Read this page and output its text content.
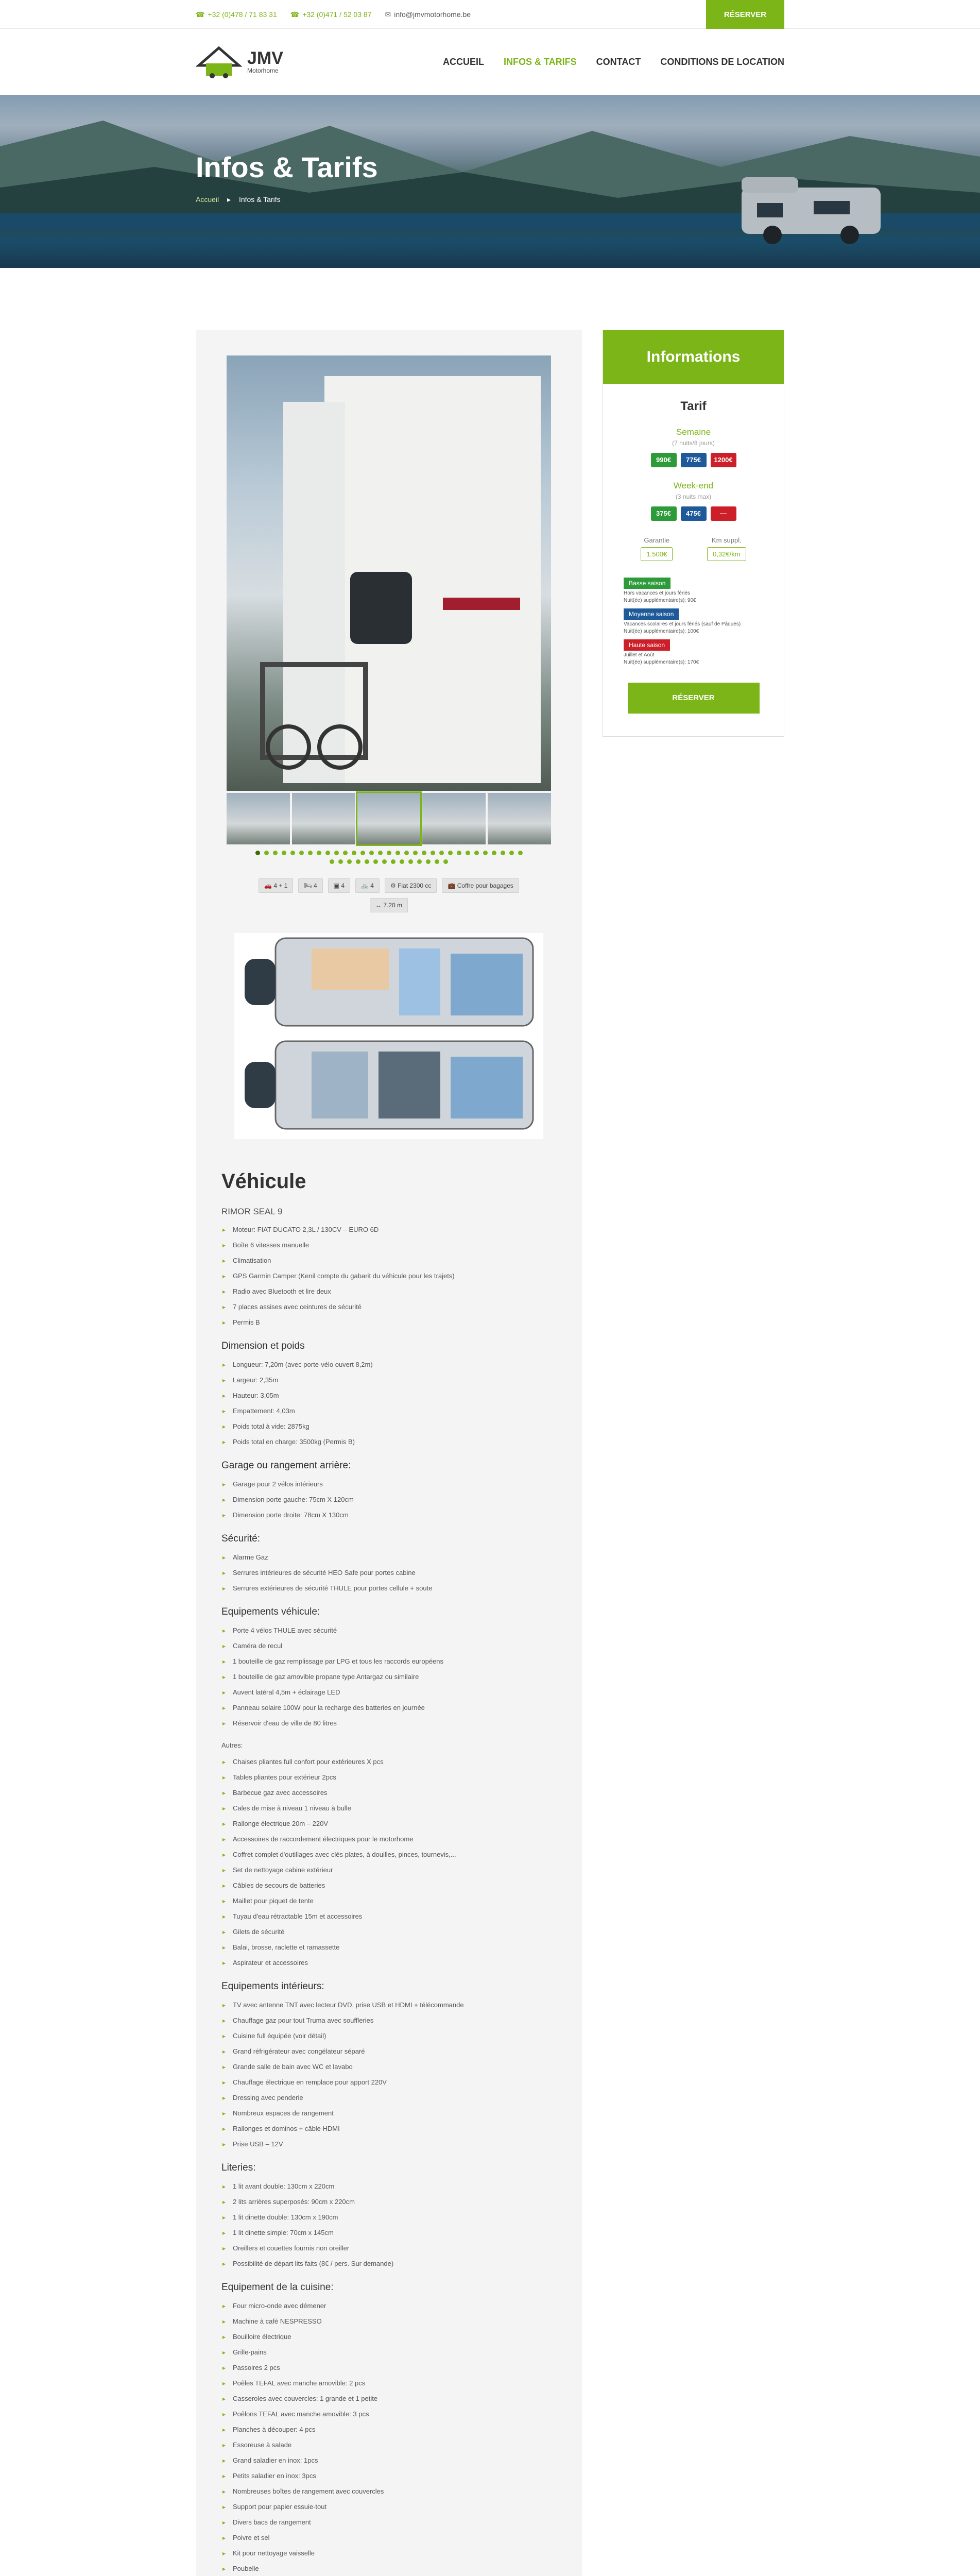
☎ +32 (0)478 / 71 83 31 ☎ +32 (0)471 / 52 03 87 ✉ info@jmvmotorhome.be	RÉSERVER
JMV
Motorhome
ACCUEIL INFOS & TARIFS CONTACT CONDITIONS DE LOCATION
Infos & Tarifs
Accueil ▸ Infos & Tarifs
🚗 4 + 1	🛏 4	▣ 4	🚲 4	⚙ Fiat 2300 cc	💼 Coffre pour bagages
↔ 7.20 m
Véhicule
RIMOR SEAL 9
▸ Moteur: FIAT DUCATO 2,3L / 130CV – EURO 6D
▸ Boîte 6 vitesses manuelle
▸ Climatisation
▸ GPS Garmin Camper (Kenil compte du gabarit du véhicule pour les trajets)
▸ Radio avec Bluetooth et lire deux
▸ 7 places assises avec ceintures de sécurité
▸ Permis B
Dimension et poids
▸ Longueur: 7,20m (avec porte-vélo ouvert 8,2m)
▸ Largeur: 2,35m
▸ Hauteur: 3,05m
▸ Empattement: 4,03m
▸ Poids total à vide: 2875kg
▸ Poids total en charge: 3500kg (Permis B)
Garage ou rangement arrière:
▸ Garage pour 2 vélos intérieurs
▸ Dimension porte gauche: 75cm X 120cm
▸ Dimension porte droite: 78cm X 130cm
Sécurité:
▸ Alarme Gaz
▸ Serrures intérieures de sécurité HEO Safe pour portes cabine
▸ Serrures extérieures de sécurité THULE pour portes cellule + soute
Equipements véhicule:
▸ Porte 4 vélos THULE avec sécurité
▸ Caméra de recul
▸ 1 bouteille de gaz remplissage par LPG et tous les raccords européens
▸ 1 bouteille de gaz amovible propane type Antargaz ou similaire
▸ Auvent latéral 4,5m + éclairage LED
▸ Panneau solaire 100W pour la recharge des batteries en journée
▸ Réservoir d'eau de ville de 80 litres
Autres:
▸ Chaises pliantes full confort pour extérieures X pcs
▸ Tables pliantes pour extérieur 2pcs
▸ Barbecue gaz avec accessoires
▸ Cales de mise à niveau 1 niveau à bulle
▸ Rallonge électrique 20m – 220V
▸ Accessoires de raccordement électriques pour le motorhome
▸ Coffret complet d'outillages avec clés plates, à douilles, pinces, tournevis,...
▸ Set de nettoyage cabine extérieur
▸ Câbles de secours de batteries
▸ Maillet pour piquet de tente
▸ Tuyau d'eau rétractable 15m et accessoires
▸ Gilets de sécurité
▸ Balai, brosse, raclette et ramassette
▸ Aspirateur et accessoires
Equipements intérieurs:
▸ TV avec antenne TNT avec lecteur DVD, prise USB et HDMI + télécommande
▸ Chauffage gaz pour tout Truma avec souffleries
▸ Cuisine full équipée (voir détail)
▸ Grand réfrigérateur avec congélateur séparé
▸ Grande salle de bain avec WC et lavabo
▸ Chauffage électrique en remplace pour apport 220V
▸ Dressing avec penderie
▸ Nombreux espaces de rangement
▸ Rallonges et dominos + câble HDMI
▸ Prise USB – 12V
Literies:
▸ 1 lit avant double: 130cm x 220cm
▸ 2 lits arrières superposés: 90cm x 220cm
▸ 1 lit dinette double: 130cm x 190cm
▸ 1 lit dinette simple: 70cm x 145cm
▸ Oreillers et couettes fournis non oreiller
▸ Possibilité de départ lits faits (8€ / pers. Sur demande)
Equipement de la cuisine:
▸ Four micro-onde avec démener
▸ Machine à café NESPRESSO
▸ Bouilloire électrique
▸ Grille-pains
▸ Passoires 2 pcs
▸ Poêles TEFAL avec manche amovible: 2 pcs
▸ Casseroles avec couvercles: 1 grande et 1 petite
▸ Poêlons TEFAL avec manche amovible: 3 pcs
▸ Planches à découper: 4 pcs
▸ Essoreuse à salade
▸ Grand saladier en inox: 1pcs
▸ Petits saladier en inox: 3pcs
▸ Nombreuses boîtes de rangement avec couvercles
▸ Support pour papier essuie-tout
▸ Divers bacs de rangement
▸ Poivre et sel
▸ Kit pour nettoyage vaisselle
▸ Poubelle
Informations
Tarif
Semaine
(7 nuits/8 jours)
990€	775€	1200€
Week-end
(3 nuits max)
375€	475€	—
Garantie
1.500€
Km suppl.
0,32€/km
Basse saison

Hors vacances et jours fériés

Nuit(ée) supplémentaire(s): 90€

Moyenne saison

Vacances scolaires et jours fériés (sauf de Pâques)

Nuit(ée) supplémentaire(s): 100€

Haute saison

Juillet et Août

Nuit(ée) supplémentaire(s): 170€

RÉSERVER
